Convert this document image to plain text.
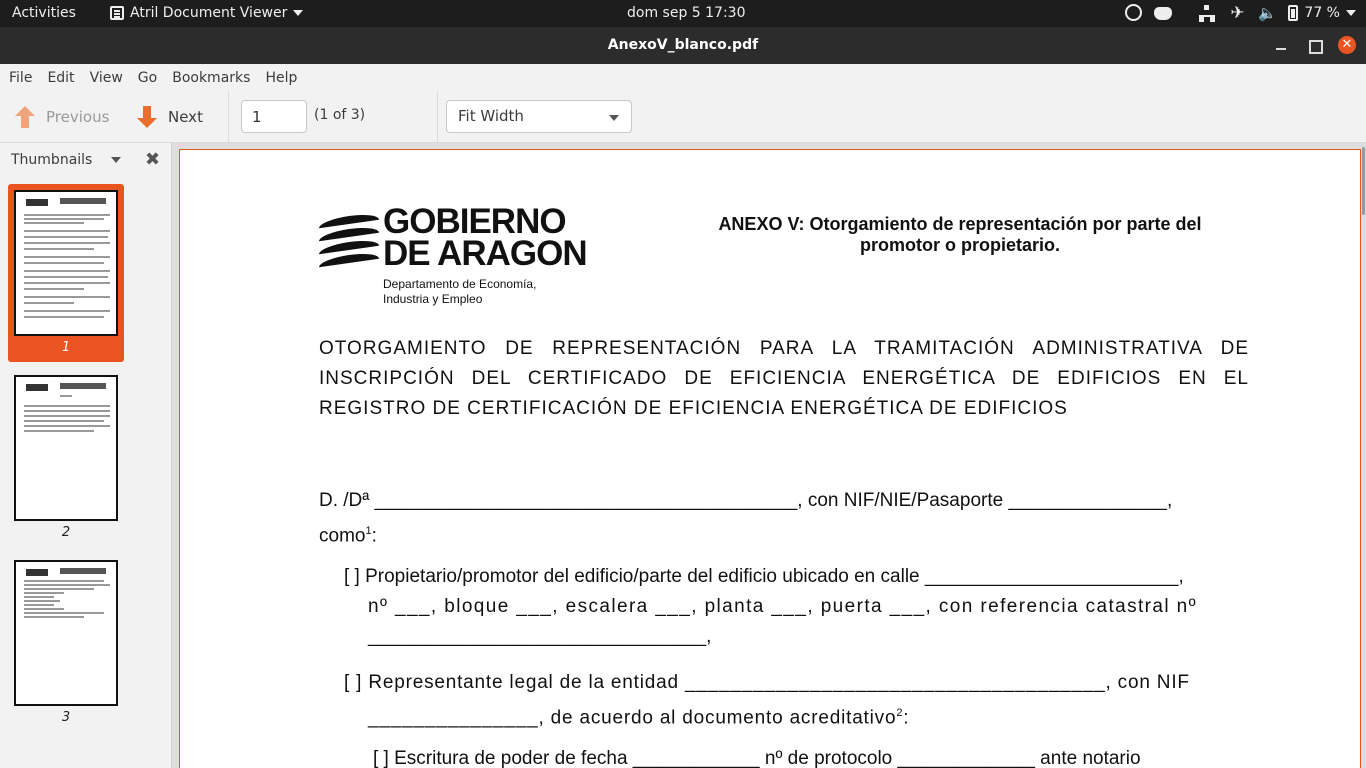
Activities	Atril Document Viewer	dom sep 5 17:30	✈ 🔈 77 %
AnexoV_blanco.pdf	✕
File	Edit	View	Go	Bookmarks	Help
Previous	Next
1	(1 of 3)	Fit Width
Thumbnails	✖
1
2
3
GOBIERNO
DE ARAGON
Departamento de Economía,
Industria y Empleo
ANEXO V: Otorgamiento de representación por parte del promotor o propietario.
OTORGAMIENTO DE REPRESENTACIÓN PARA LA TRAMITACIÓN ADMINISTRATIVA DE INSCRIPCIÓN DEL CERTIFICADO DE EFICIENCIA ENERGÉTICA DE EDIFICIOS EN EL REGISTRO DE CERTIFICACIÓN DE EFICIENCIA ENERGÉTICA DE EDIFICIOS
D. /Dª ________________________________________, con NIF/NIE/Pasaporte _______________,
como$^1$:
[ ] Propietario/promotor del edificio/parte del edificio ubicado en calle ________________________,
nº ___, bloque ___, escalera ___, planta ___, puerta ___, con referencia catastral nº
________________________________,
[ ] Representante legal de la entidad _____________________________________, con NIF
_______________, de acuerdo al documento acreditativo$^2$:
[ ] Escritura de poder de fecha ____________ nº de protocolo _____________ ante notario
